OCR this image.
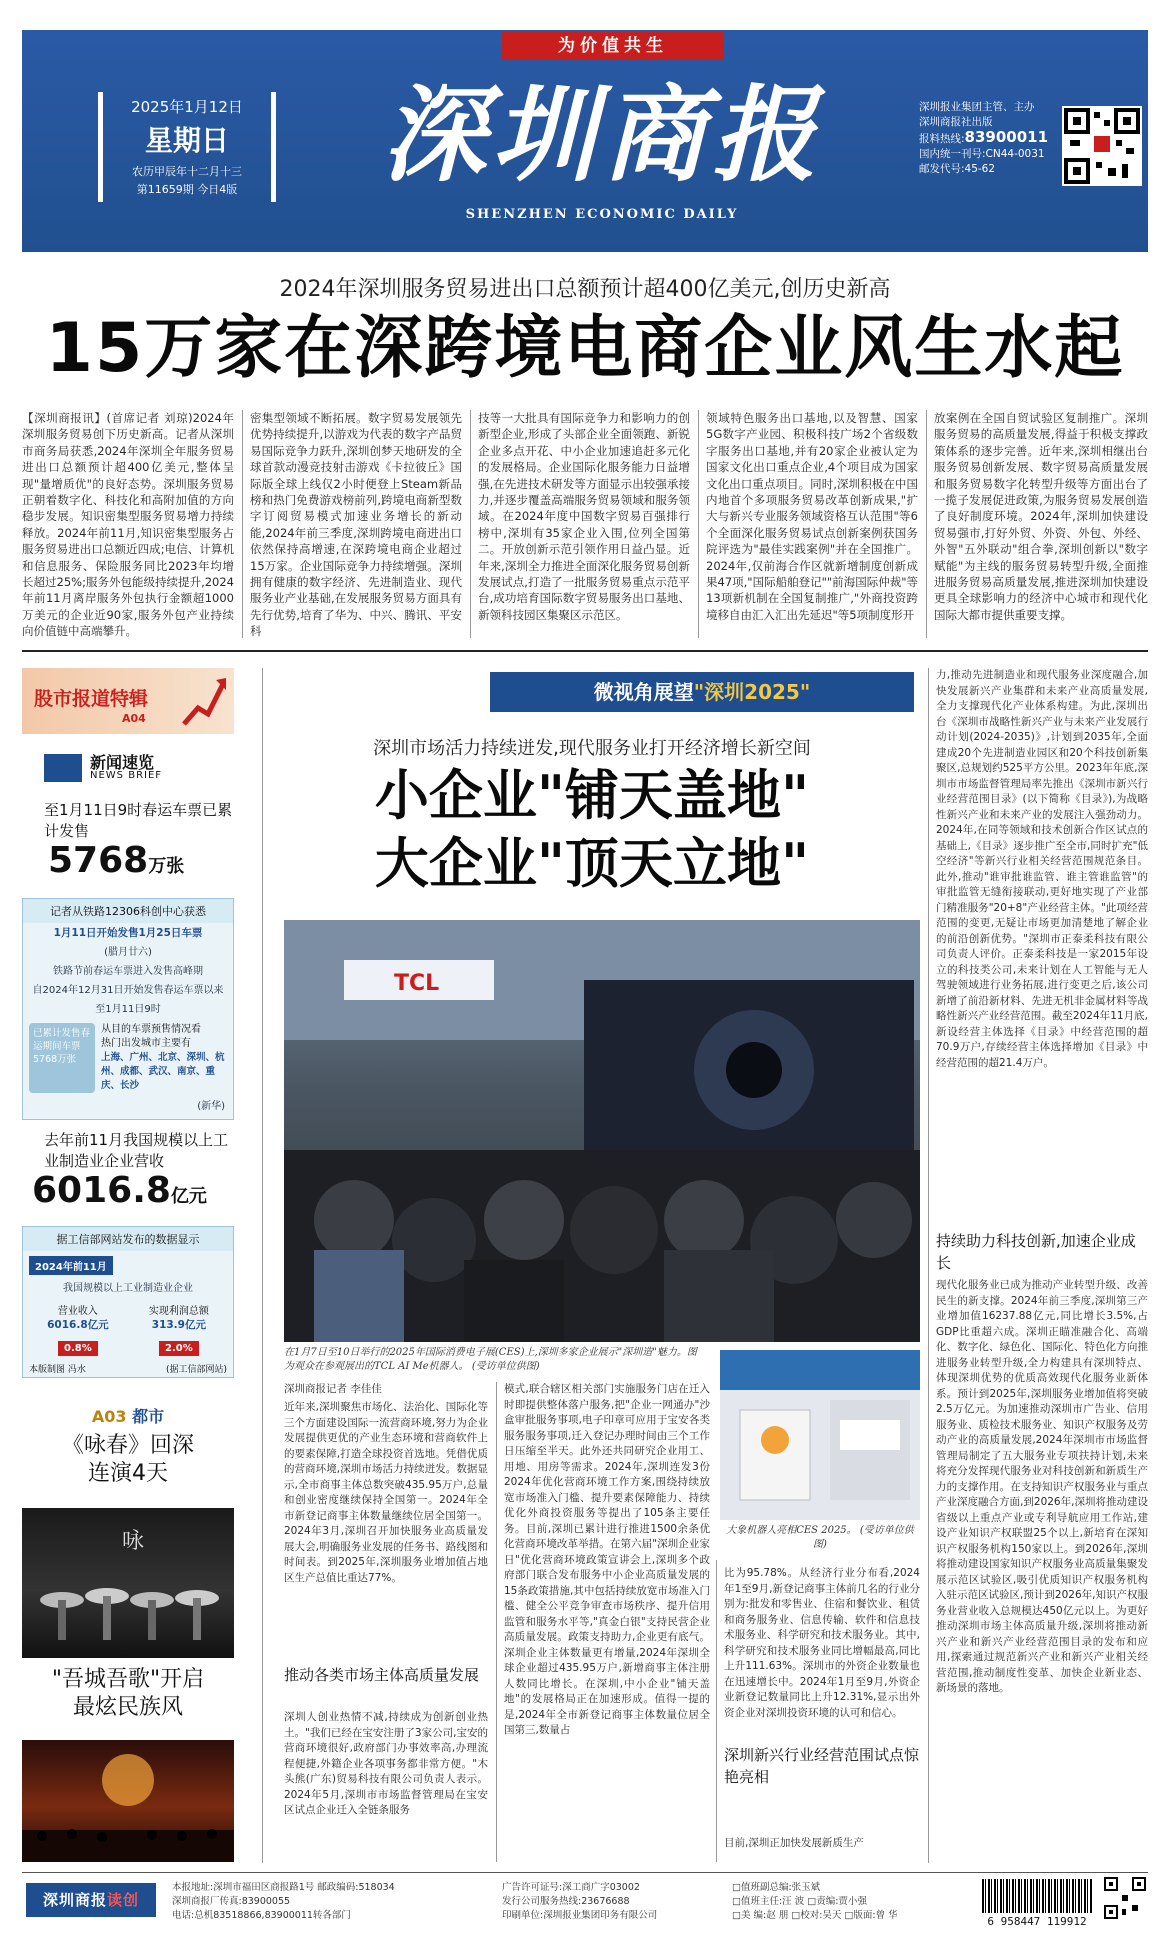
为价值共生
2025年1月12日
星期日
农历甲辰年十二月十三
第11659期 今日4版	深圳商报
SHENZHEN ECONOMIC DAILY
深圳报业集团主管、主办
深圳商报社出版
报料热线:83900011
国内统一刊号:CN44-0031
邮发代号:45-62
2024年深圳服务贸易进出口总额预计超400亿美元,创历史新高
15万家在深跨境电商企业风生水起
【深圳商报讯】(首席记者 刘琼)2024年深圳服务贸易创下历史新高。记者从深圳市商务局获悉,2024年深圳全年服务贸易进出口总额预计超400亿美元,整体呈现"量增质优"的良好态势。深圳服务贸易正朝着数字化、科技化和高附加值的方向稳步发展。知识密集型服务贸易增力持续释放。2024年前11月,知识密集型服务占服务贸易进出口总额近四成;电信、计算机和信息服务、保险服务同比2023年均增长超过25%;服务外包能级持续提升,2024年前11月离岸服务外包执行金额超1000万美元的企业近90家,服务外包产业持续向价值链中高端攀升。
密集型领域不断拓展。数字贸易发展领先优势持续提升,以游戏为代表的数字产品贸易国际竞争力跃升,深圳创梦天地研发的全球首款动漫竞技射击游戏《卡拉彼丘》国际版全球上线仅2小时便登上Steam新品榜和热门免费游戏榜前列,跨境电商新型数字订阅贸易模式加速业务增长的新动能,2024年前三季度,深圳跨境电商进出口依然保持高增速,在深跨境电商企业超过15万家。企业国际竞争力持续增强。深圳拥有健康的数字经济、先进制造业、现代服务业产业基础,在发展服务贸易方面具有先行优势,培育了华为、中兴、腾讯、平安科
技等一大批具有国际竞争力和影响力的创新型企业,形成了头部企业全面领跑、新锐企业多点开花、中小企业加速追赶多元化的发展格局。企业国际化服务能力日益增强,在先进技术研发等方面显示出较强承接力,并逐步覆盖高端服务贸易领域和服务领域。在2024年度中国数字贸易百强排行榜中,深圳有35家企业入围,位列全国第二。开放创新示范引领作用日益凸显。近年来,深圳全力推进全面深化服务贸易创新发展试点,打造了一批服务贸易重点示范平台,成功培育国际数字贸易服务出口基地、新领科技园区集聚区示范区。
领域特色服务出口基地,以及智慧、国家5G数字产业园、积极科技广场2个省级数字服务出口基地,并有20家企业被认定为国家文化出口重点企业,4个项目成为国家文化出口重点项目。同时,深圳积极在中国内地首个多项服务贸易改革创新成果,"扩大与新兴专业服务领域资格互认范围"等6个全面深化服务贸易试点创新案例获国务院评选为"最佳实践案例"并在全国推广。2024年,仅前海合作区就新增制度创新成果47项,"国际船舶登记""前海国际仲裁"等13项新机制在全国复制推广,"外商投资跨境移自由汇入汇出先延迟"等5项制度形开
放案例在全国自贸试验区复制推广。深圳服务贸易的高质量发展,得益于积极支撑政策体系的逐步完善。近年来,深圳相继出台服务贸易创新发展、数字贸易高质量发展和服务贸易数字化转型升级等方面出台了一揽子发展促进政策,为服务贸易发展创造了良好制度环境。2024年,深圳加快建设贸易强市,打好外贸、外资、外包、外经、外智"五外联动"组合拳,深圳创新以"数字赋能"为主线的服务贸易转型升级,全面推进服务贸易高质量发展,推进深圳加快建设更具全球影响力的经济中心城市和现代化国际大都市提供重要支撑。
股市报道特辑
A04
新闻速览
NEWS BRIEF
至1月11日9时春运车票已累计发售
5768万张
记者从铁路12306科创中心获悉
1月11日开始发售1月25日车票
(腊月廿六)
铁路节前春运车票进入发售高峰期
自2024年12月31日开始发售春运车票以来
至1月11日9时
已累计发售春运期间车票5768万张
从目的车票预售情况看
热门出发城市主要有
上海、广州、北京、深圳、杭州、成都、武汉、南京、重庆、长沙
(新华)
去年前11月我国规模以上工业制造业企业营收
6016.8亿元
据工信部网站发布的数据显示
2024年前11月
我国规模以上工业制造业企业
营业收入
6016.8亿元
0.8%
实现利润总额
313.9亿元
2.0%
本版制图 冯水	(据工信部网站)
A03 都市
《咏春》回深
连演4天
咏
"吾城吾歌"开启
最炫民族风
微视角展望"深圳2025"
深圳市场活力持续迸发,现代服务业打开经济增长新空间
小企业"铺天盖地"
大企业"顶天立地"
TCL
在1月7日至10日举行的2025年国际消费电子展(CES)上,深圳多家企业展示"深圳造"魅力。图为观众在参观展出的TCL AI Me机器人。 (受访单位供图)
大象机器人亮相CES 2025。 (受访单位供图)
深圳商报记者 李佳佳
近年来,深圳聚焦市场化、法治化、国际化等三个方面建设国际一流营商环境,努力为企业发展提供更优的产业生态环境和营商软件上的要素保障,打造全球投资首选地。凭借优质的营商环境,深圳市场活力持续迸发。数据显示,全市商事主体总数突破435.95万户,总量和创业密度继续保持全国第一。2024年全市新登记商事主体数量继续位居全国第一。2024年3月,深圳召开加快服务业高质量发展大会,明确服务业发展的任务书、路线图和时间表。到2025年,深圳服务业增加值占地区生产总值比重达77%。
推动各类市场主体高质量发展
深圳人创业热情不减,持续成为创新创业热土。"我们已经在宝安注册了3家公司,宝安的营商环境很好,政府部门办事效率高,办理流程便捷,外籍企业各项事务都非常方便。"木头熊(广东)贸易科技有限公司负责人表示。2024年5月,深圳市市场监督管理局在宝安区试点企业迁入全链条服务
模式,联合辖区相关部门实施服务门店在迁入时即提供整体落户服务,把"企业一网通办"沙盒审批服务事项,电子印章可应用于宝安各类服务服务事项,迁入登记办理时间由三个工作日压缩至半天。此外还共同研究企业用工、用地、用房等需求。2024年,深圳连发3份2024年优化营商环境工作方案,围绕持续放宽市场准入门槛、提升要素保障能力、持续优化外商投资服务等提出了105条主要任务。目前,深圳已累计进行推进1500余条优化营商环境改革举措。在第六届"深圳企业家日"优化营商环境政策宣讲会上,深圳多个政府部门联合发布服务中小企业高质量发展的15条政策措施,其中包括持续放宽市场准入门槛、健全公平竞争审查市场秩序、提升信用监管和服务水平等,"真金白银"支持民营企业高质量发展。政策支持助力,企业更有底气。深圳企业主体数量更有增量,2024年深圳全球企业超过435.95万户,新增商事主体注册人数同比增长。在深圳,中小企业"铺天盖地"的发展格局正在加速形成。值得一提的是,2024年全市新登记商事主体数量位居全国第三,数量占
比为95.78%。从经济行业分布看,2024年1至9月,新登记商事主体前几名的行业分别为:批发和零售业、住宿和餐饮业、租赁和商务服务业、信息传输、软件和信息技术服务业、科学研究和技术服务业。其中,科学研究和技术服务业同比增幅最高,同比上升111.63%。深圳市的外资企业数量也在迅速增长中。2024年1月至9月,外资企业新登记数量同比上升12.31%,显示出外资企业对深圳投资环境的认可和信心。
深圳新兴行业经营范围试点惊艳亮相
目前,深圳正加快发展新质生产
力,推动先进制造业和现代服务业深度融合,加快发展新兴产业集群和未来产业高质量发展,全力支撑现代化产业体系构建。为此,深圳出台《深圳市战略性新兴产业与未来产业发展行动计划(2024-2035)》,计划到2035年,全面建成20个先进制造业园区和20个科技创新集聚区,总规划约525平方公里。2023年年底,深圳市市场监督管理局率先推出《深圳市新兴行业经营范围目录》(以下简称《目录》),为战略性新兴产业和未来产业的发展注入强劲动力。2024年,在同等领域和技术创新合作区试点的基础上,《目录》逐步推广至全市,同时扩充"低空经济"等新兴行业相关经营范围规范条目。此外,推动"谁审批谁监管、谁主管谁监管"的审批监管无缝衔接联动,更好地实现了产业部门精准服务"20+8"产业经营主体。"此项经营范围的变更,无疑让市场更加清楚地了解企业的前沿创新优势。"深圳市正泰柔科技有限公司负责人评价。正泰柔科技是一家2015年设立的科技类公司,未来计划在人工智能与无人驾驶领域进行业务拓展,进行变更之后,该公司新增了前沿新材料、先进无机非金属材料等战略性新兴产业经营范围。截至2024年11月底,新设经营主体选择《目录》中经营范围的超70.9万户,存续经营主体选择增加《目录》中经营范围的超21.4万户。
持续助力科技创新,加速企业成长
现代化服务业已成为推动产业转型升级、改善民生的新支撑。2024年前三季度,深圳第三产业增加值16237.88亿元,同比增长3.5%,占GDP比重超六成。深圳正瞄准融合化、高端化、数字化、绿色化、国际化、特色化方向推进服务业转型升级,全力构建具有深圳特点、体现深圳优势的优质高效现代化服务业新体系。预计到2025年,深圳服务业增加值将突破2.5万亿元。为加速推动深圳市广告业、信用服务业、质检技术服务业、知识产权服务及劳动产业的高质量发展,2024年深圳市市场监督管理局制定了五大服务业专项扶持计划,未来将充分发挥现代服务业对科技创新和新质生产力的支撑作用。在支持知识产权服务业与重点产业深度融合方面,到2026年,深圳将推动建设省级以上重点产业或专利导航应用工作站,建设产业知识产权联盟25个以上,新培育在深知识产权服务机构150家以上。到2026年,深圳将推动建设国家知识产权服务业高质量集聚发展示范区试验区,吸引优质知识产权服务机构入驻示范区试验区,预计到2026年,知识产权服务业营业收入总规模达450亿元以上。为更好推动深圳市场主体高质量升级,深圳将推动新兴产业和新兴产业经营范围目录的发布和应用,探索通过规范新兴产业和新兴产业相关经营范围,推动制度性变革、加快企业新业态、新场景的落地。
深圳商报读创
本报地址:深圳市福田区商报路1号 邮政编码:518034
深圳商报厂传真:83900055
电话:总机83518866,83900011转各部门
广告许可证号:深工商广字03002
发行公司服务热线:23676688
印刷单位:深圳报业集团印务有限公司
□值班副总编:张玉斌
□值班主任:汪 波 □责编:贾小强
□美 编:赵 朋 □校对:吴天 □版面:曾 华	6 958447 119912
